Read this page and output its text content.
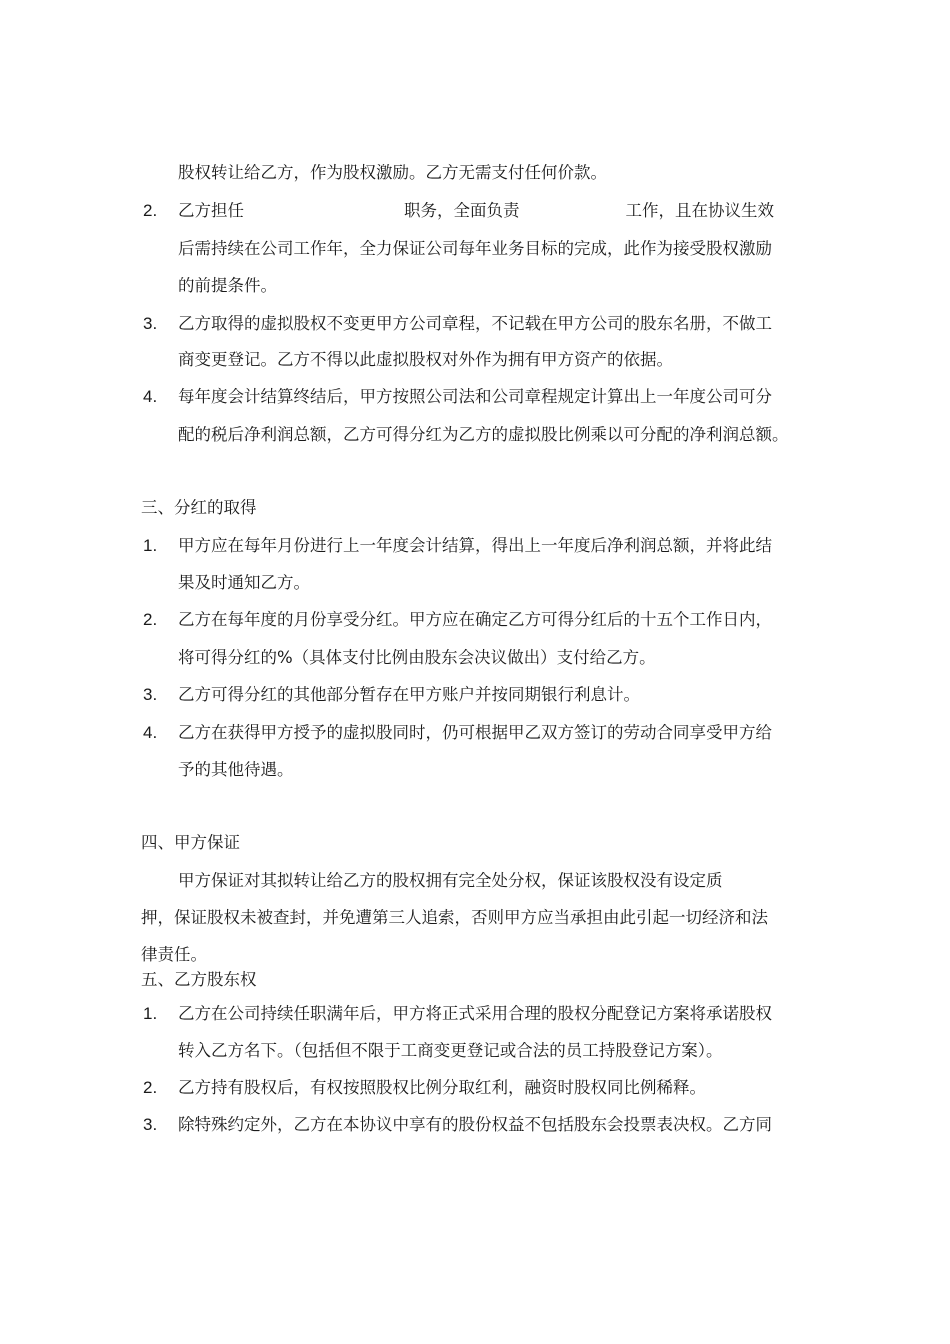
股权转让给乙方，作为股权激励。乙方无需支付任何价款。
2. 乙方担任	职务，全面负责	工作，且在协议生效
后需持续在公司工作年，全力保证公司每年业务目标的完成，此作为接受股权激励
的前提条件。
3. 乙方取得的虚拟股权不变更甲方公司章程，不记载在甲方公司的股东名册，不做工
商变更登记。乙方不得以此虚拟股权对外作为拥有甲方资产的依据。
4. 每年度会计结算终结后，甲方按照公司法和公司章程规定计算出上一年度公司可分
配的税后净利润总额，乙方可得分红为乙方的虚拟股比例乘以可分配的净利润总额。
三、分红的取得
1. 甲方应在每年月份进行上一年度会计结算，得出上一年度后净利润总额，并将此结
果及时通知乙方。
2. 乙方在每年度的月份享受分红。甲方应在确定乙方可得分红后的十五个工作日内，
将可得分红的%（具体支付比例由股东会决议做出）支付给乙方。
3. 乙方可得分红的其他部分暂存在甲方账户并按同期银行利息计。
4. 乙方在获得甲方授予的虚拟股同时，仍可根据甲乙双方签订的劳动合同享受甲方给
予的其他待遇。
四、甲方保证
甲方保证对其拟转让给乙方的股权拥有完全处分权，保证该股权没有设定质
押，保证股权未被查封，并免遭第三人追索，否则甲方应当承担由此引起一切经济和法
律责任。
五、乙方股东权
1. 乙方在公司持续任职满年后，甲方将正式采用合理的股权分配登记方案将承诺股权
转入乙方名下。（包括但不限于工商变更登记或合法的员工持股登记方案）。
2. 乙方持有股权后，有权按照股权比例分取红利，融资时股权同比例稀释。
3. 除特殊约定外，乙方在本协议中享有的股份权益不包括股东会投票表决权。乙方同
